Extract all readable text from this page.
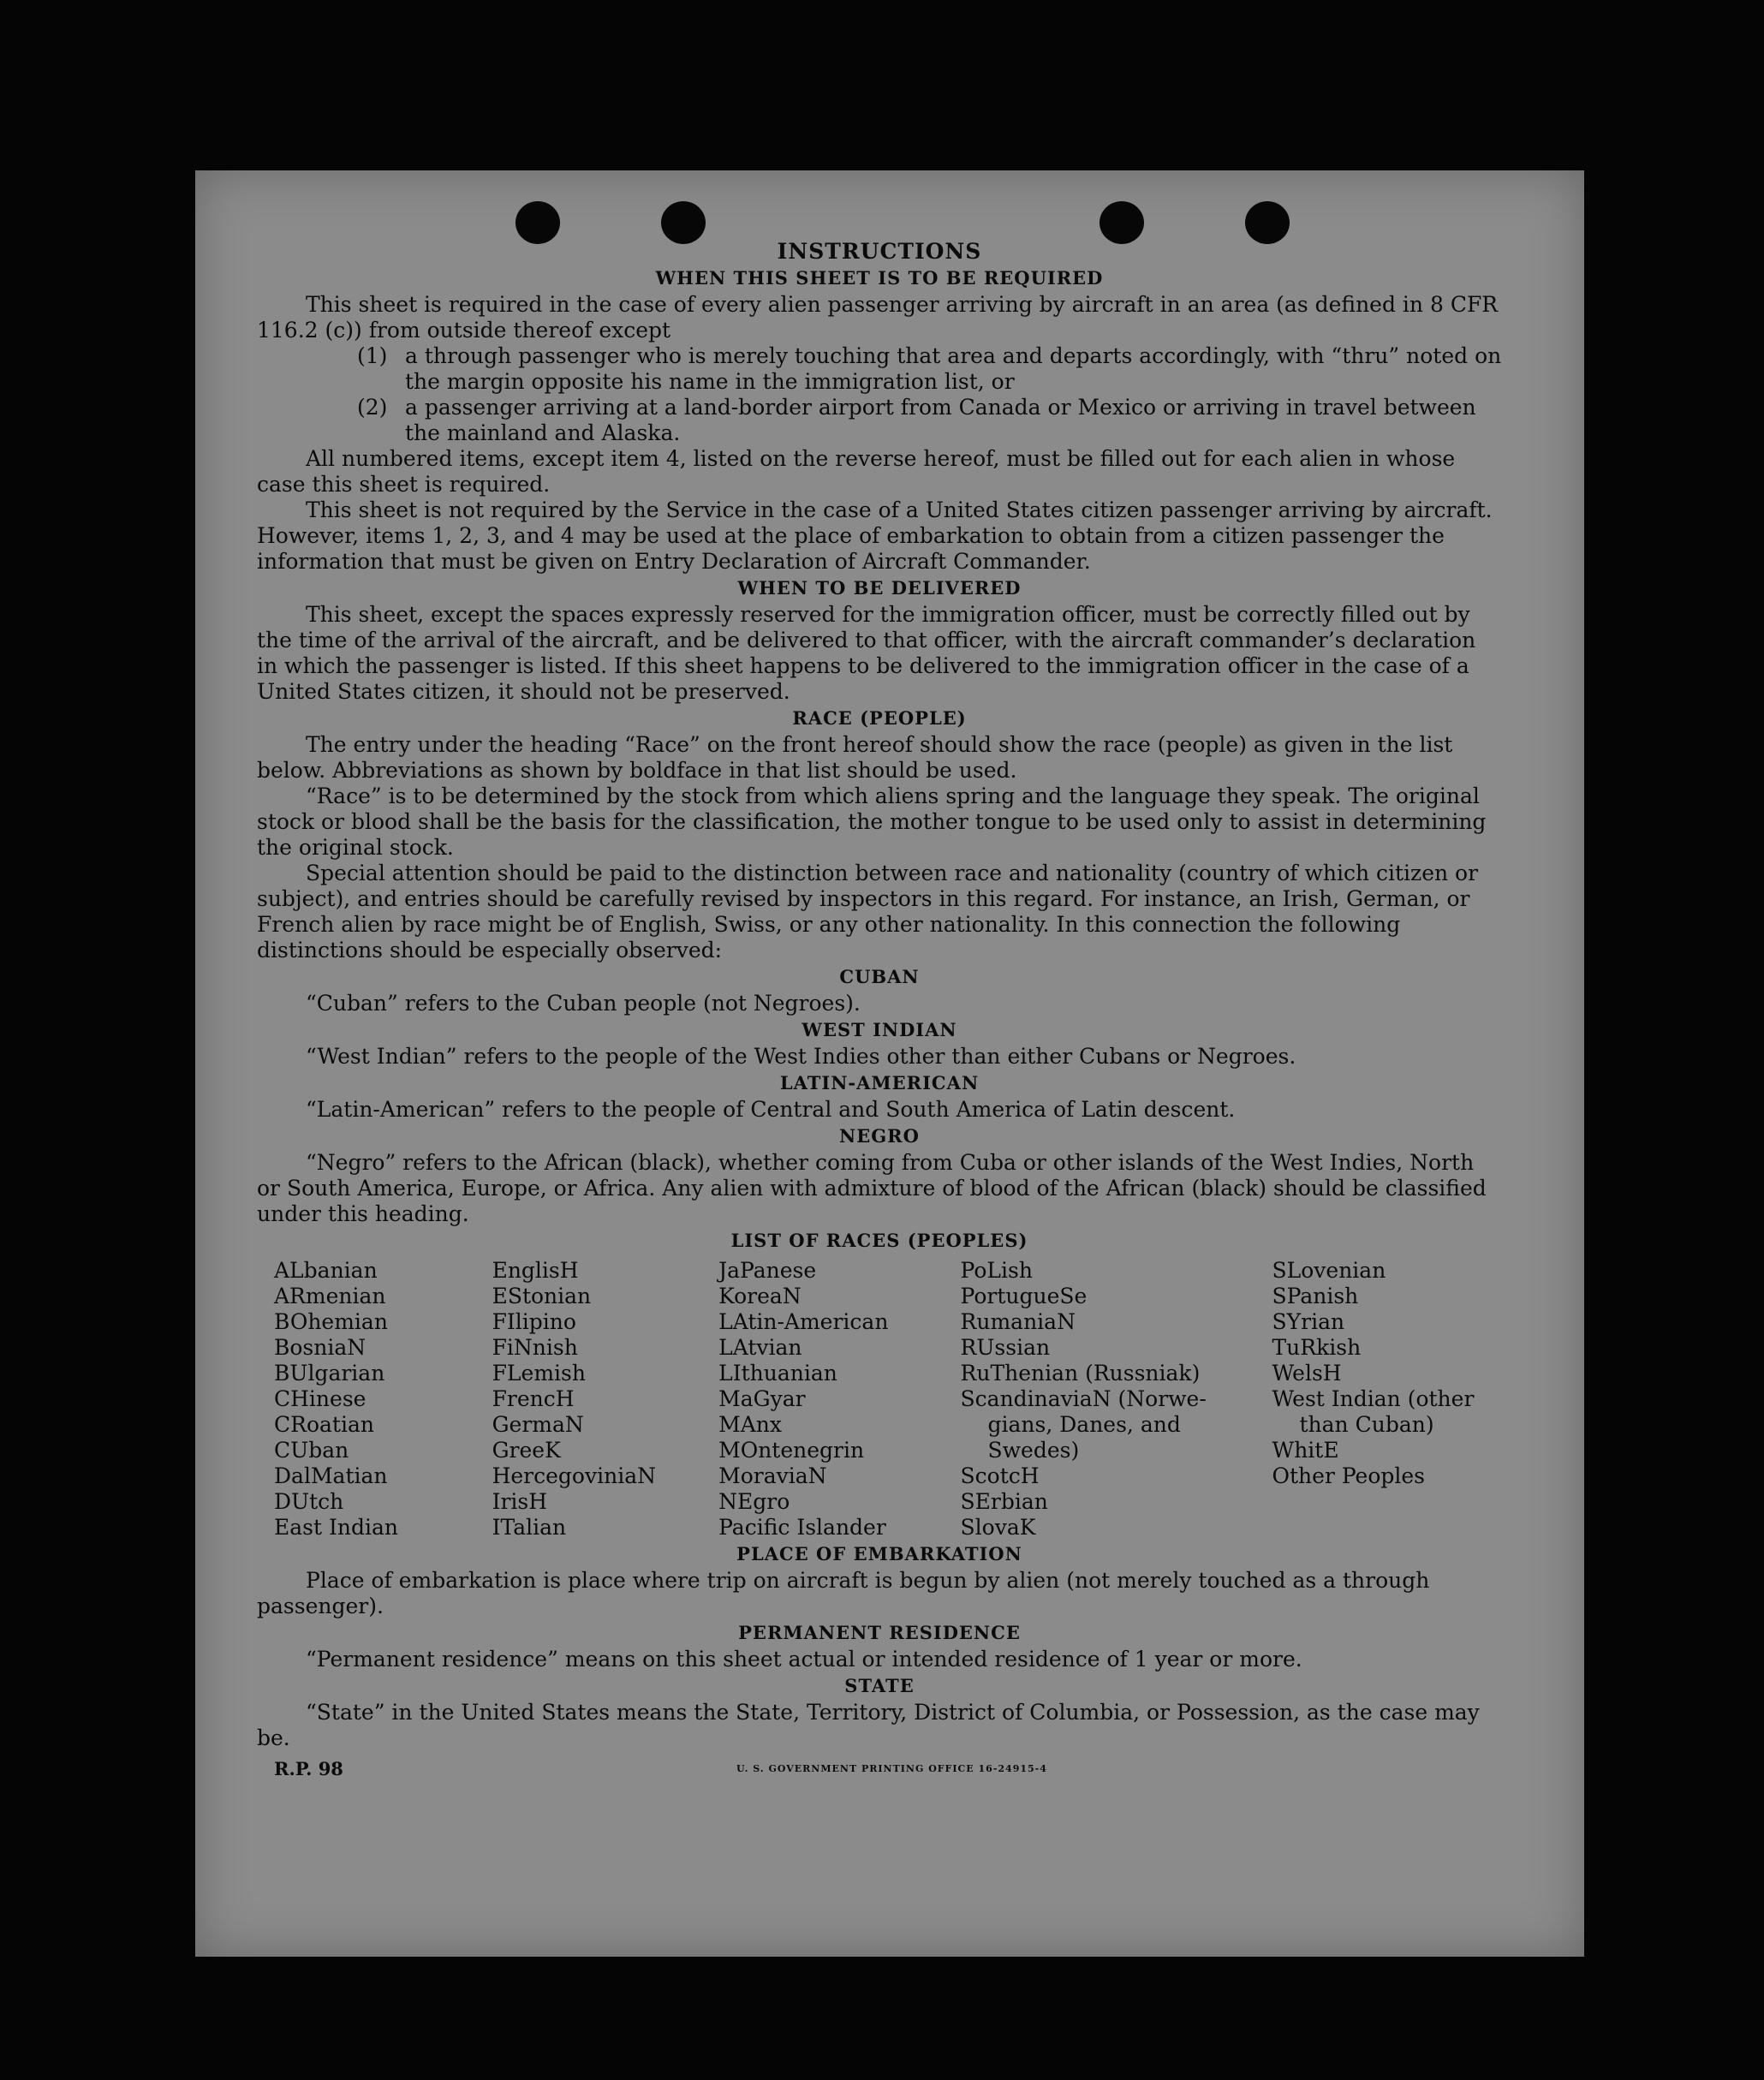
INSTRUCTIONS
WHEN THIS SHEET IS TO BE REQUIRED

This sheet is required in the case of every alien passenger arriving by aircraft in an area (as defined in 8 CFR 116.2 (c)) from outside thereof except

(1) a through passenger who is merely touching that area and departs accordingly, with “thru” noted on the margin opposite his name in the immigration list, or
(2) a passenger arriving at a land-border airport from Canada or Mexico or arriving in travel between the mainland and Alaska.

All numbered items, except item 4, listed on the reverse hereof, must be filled out for each alien in whose case this sheet is required.

This sheet is not required by the Service in the case of a United States citizen passenger arriving by aircraft. However, items 1, 2, 3, and 4 may be used at the place of embarkation to obtain from a citizen passenger the information that must be given on Entry Declaration of Aircraft Commander.

WHEN TO BE DELIVERED

This sheet, except the spaces expressly reserved for the immigration officer, must be correctly filled out by the time of the arrival of the aircraft, and be delivered to that officer, with the aircraft commander’s declaration in which the passenger is listed. If this sheet happens to be delivered to the immigration officer in the case of a United States citizen, it should not be preserved.

RACE (PEOPLE)

The entry under the heading “Race” on the front hereof should show the race (people) as given in the list below. Abbreviations as shown by boldface in that list should be used.

“Race” is to be determined by the stock from which aliens spring and the language they speak. The original stock or blood shall be the basis for the classification, the mother tongue to be used only to assist in determining the original stock.

Special attention should be paid to the distinction between race and nationality (country of which citizen or subject), and entries should be carefully revised by inspectors in this regard. For instance, an Irish, German, or French alien by race might be of English, Swiss, or any other nationality. In this connection the following distinctions should be especially observed:

CUBAN
“Cuban” refers to the Cuban people (not Negroes).
WEST INDIAN
“West Indian” refers to the people of the West Indies other than either Cubans or Negroes.
LATIN-AMERICAN
“Latin-American” refers to the people of Central and South America of Latin descent.
NEGRO

“Negro” refers to the African (black), whether coming from Cuba or other islands of the West Indies, North or South America, Europe, or Africa. Any alien with admixture of blood of the African (black) should be classified under this heading.

LIST OF RACES (PEOPLES)
ALbanian
ARmenian
BOhemian
BosniaN
BUlgarian
CHinese
CRoatian
CUban
DalMatian
DUtch
East Indian
EnglisH
EStonian
FIlipino
FiNnish
FLemish
FrencH
GermaN
GreeK
HercegoviniaN
IrisH
ITalian
JaPanese
KoreaN
LAtin-American
LAtvian
LIthuanian
MaGyar
MAnx
MOntenegrin
MoraviaN
NEgro
Pacific Islander
PoLish
PortugueSe
RumaniaN
RUssian
RuThenian (Russniak)
ScandinaviaN (Norwe-
gians, Danes, and
Swedes)
ScotcH
SErbian
SlovaK
SLovenian
SPanish
SYrian
TuRkish
WelsH
West Indian (other
than Cuban)
WhitE
Other Peoples
PLACE OF EMBARKATION

Place of embarkation is place where trip on aircraft is begun by alien (not merely touched as a through passenger).

PERMANENT RESIDENCE
“Permanent residence” means on this sheet actual or intended residence of 1 year or more.
STATE

“State” in the United States means the State, Territory, District of Columbia, or Possession, as the case may be.

R.P. 98	U. S. GOVERNMENT PRINTING OFFICE 16-24915-4
